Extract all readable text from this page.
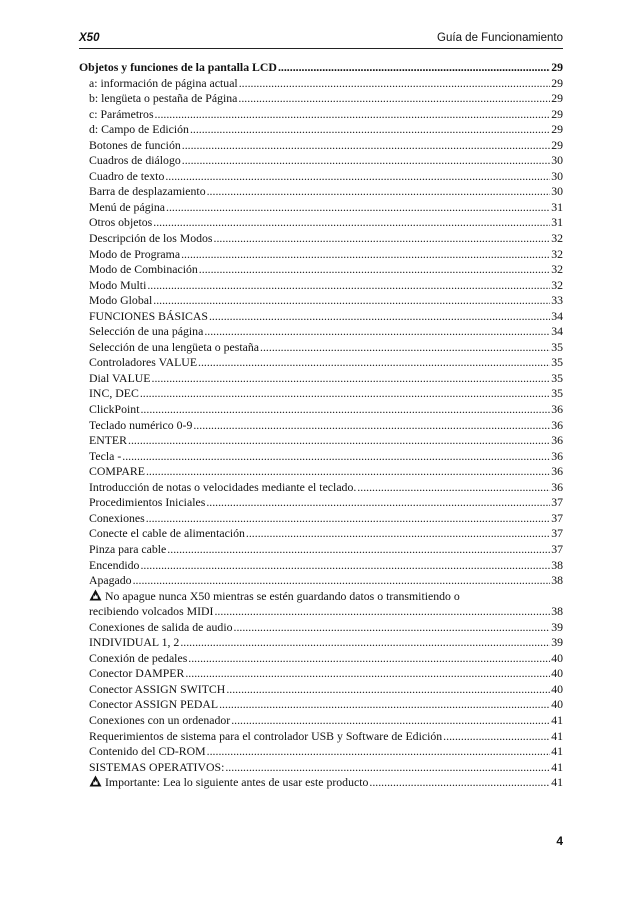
X50	Guía de Funcionamiento
Objetos y funciones de la pantalla LCD .....	29
a: información de página actual .....	29
b: lengüeta o pestaña de Página .....	29
c: Parámetros .....	29
d: Campo de Edición .....	29
Botones de función .....	29
Cuadros de diálogo .....	30
Cuadro de texto .....	30
Barra de desplazamiento .....	30
Menú de página .....	31
Otros objetos .....	31
Descripción de los Modos .....	32
Modo de Programa .....	32
Modo de Combinación .....	32
Modo Multi .....	32
Modo Global .....	33
FUNCIONES BÁSICAS .....	34
Selección de una página .....	34
Selección de una lengüeta o pestaña .....	35
Controladores VALUE .....	35
Dial VALUE .....	35
INC, DEC .....	35
ClickPoint .....	36
Teclado numérico 0-9 .....	36
ENTER .....	36
Tecla - .....	36
COMPARE .....	36
Introducción de notas o velocidades mediante el teclado. .....	36
Procedimientos Iniciales .....	37
Conexiones .....	37
Conecte el cable de alimentación .....	37
Pinza para cable .....	37
Encendido .....	38
Apagado .....	38
No apague nunca X50 mientras se estén guardando datos o transmitiendo o
recibiendo volcados MIDI .....	38
Conexiones de salida de audio .....	39
INDIVIDUAL 1, 2 .....	39
Conexión de pedales .....	40
Conector DAMPER .....	40
Conector ASSIGN SWITCH .....	40
Conector ASSIGN PEDAL .....	40
Conexiones con un ordenador .....	41
Requerimientos de sistema para el controlador USB y Software de Edición .....	41
Contenido del CD-ROM .....	41
SISTEMAS OPERATIVOS: .....	41
Importante: Lea lo siguiente antes de usar este producto .....	41
4
